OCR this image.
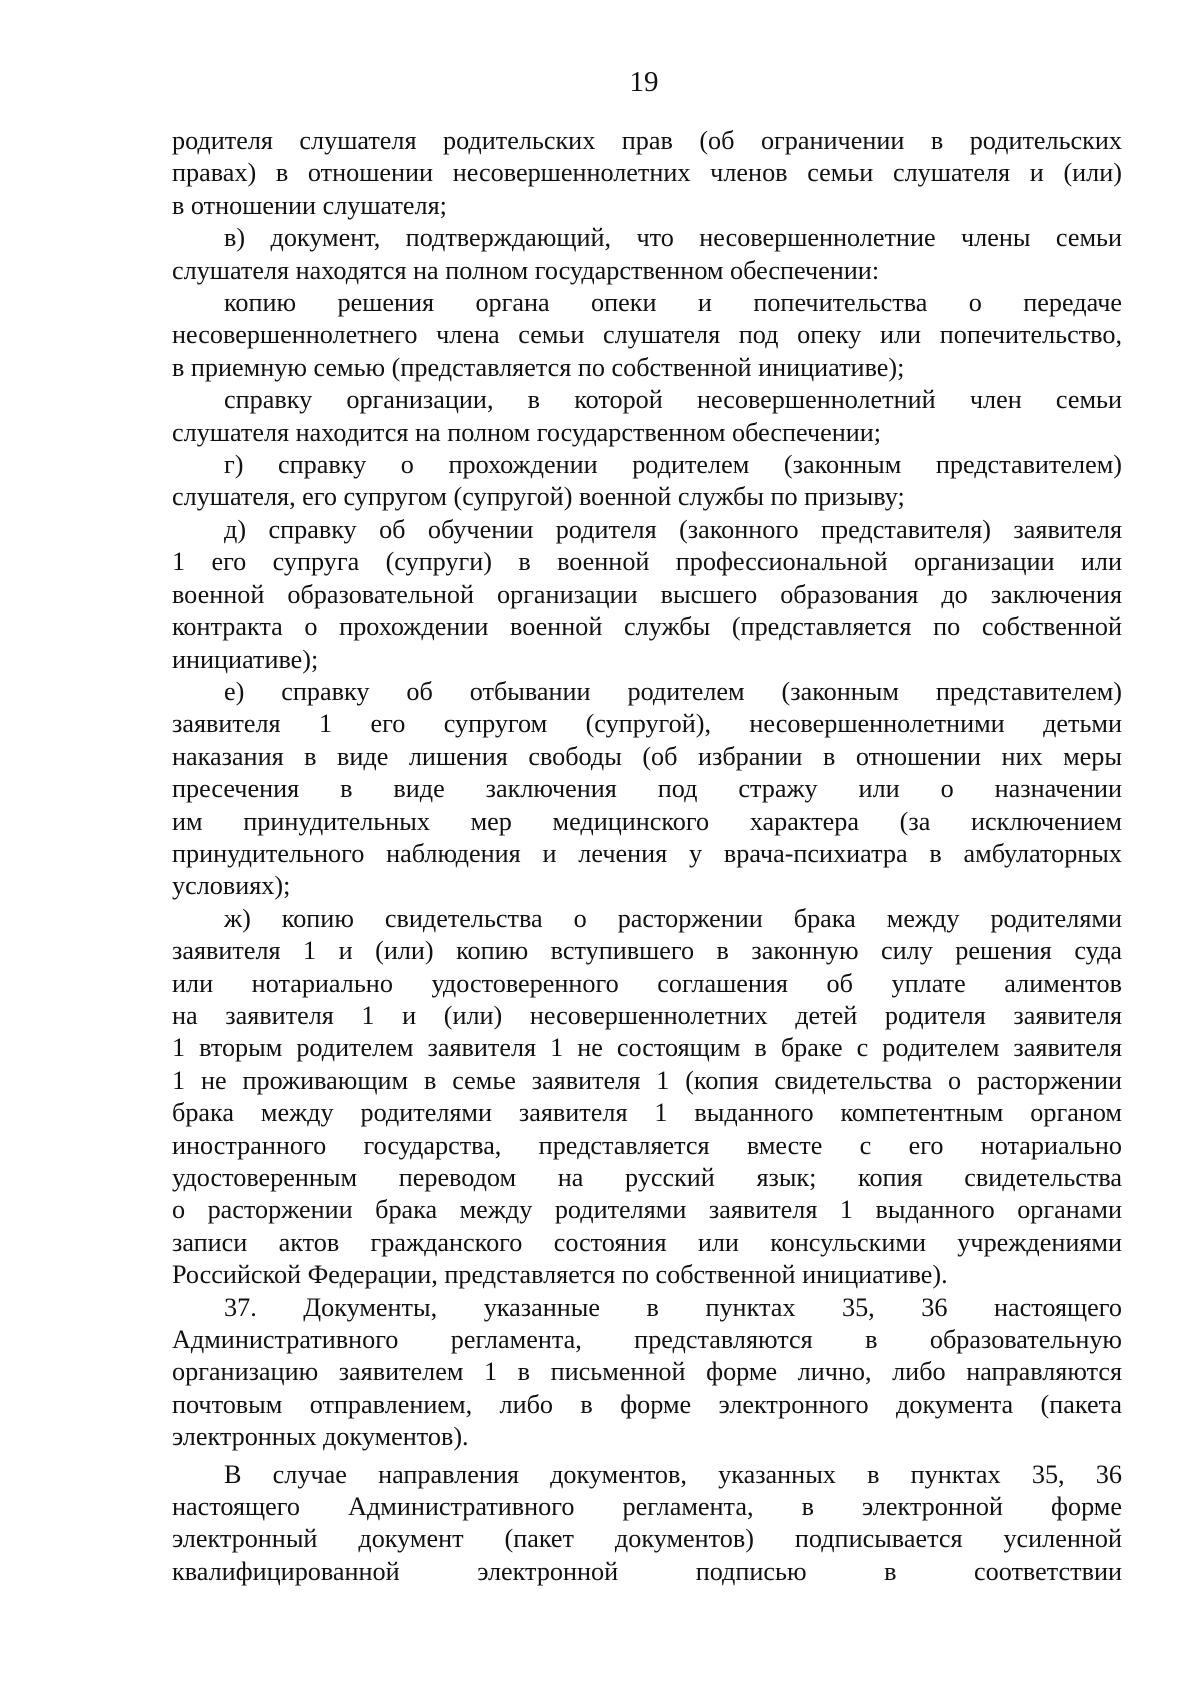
19
родителя слушателя родительских прав (об ограничении в родительских
правах) в отношении несовершеннолетних членов семьи слушателя и (или)
в отношении слушателя;
в) документ, подтверждающий, что несовершеннолетние члены семьи
слушателя находятся на полном государственном обеспечении:
копию решения органа опеки и попечительства о передаче
несовершеннолетнего члена семьи слушателя под опеку или попечительство,
в приемную семью (представляется по собственной инициативе);
справку организации, в которой несовершеннолетний член семьи
слушателя находится на полном государственном обеспечении;
г) справку о прохождении родителем (законным представителем)
слушателя, его супругом (супругой) военной службы по призыву;
д) справку об обучении родителя (законного представителя) заявителя
1 его супруга (супруги) в военной профессиональной организации или
военной образовательной организации высшего образования до заключения
контракта о прохождении военной службы (представляется по собственной
инициативе);
е) справку об отбывании родителем (законным представителем)
заявителя 1 его супругом (супругой), несовершеннолетними детьми
наказания в виде лишения свободы (об избрании в отношении них меры
пресечения в виде заключения под стражу или о назначении
им принудительных мер медицинского характера (за исключением
принудительного наблюдения и лечения у врача-психиатра в амбулаторных
условиях);
ж) копию свидетельства о расторжении брака между родителями
заявителя 1 и (или) копию вступившего в законную силу решения суда
или нотариально удостоверенного соглашения об уплате алиментов
на заявителя 1 и (или) несовершеннолетних детей родителя заявителя
1 вторым родителем заявителя 1 не состоящим в браке с родителем заявителя
1 не проживающим в семье заявителя 1 (копия свидетельства о расторжении
брака между родителями заявителя 1 выданного компетентным органом
иностранного государства, представляется вместе с его нотариально
удостоверенным переводом на русский язык; копия свидетельства
о расторжении брака между родителями заявителя 1 выданного органами
записи актов гражданского состояния или консульскими учреждениями
Российской Федерации, представляется по собственной инициативе).
37. Документы, указанные в пунктах 35, 36 настоящего
Административного регламента, представляются в образовательную
организацию заявителем 1 в письменной форме лично, либо направляются
почтовым отправлением, либо в форме электронного документа (пакета
электронных документов).
В случае направления документов, указанных в пунктах 35, 36
настоящего Административного регламента, в электронной форме
электронный документ (пакет документов) подписывается усиленной
квалифицированной электронной подписью в соответствии
